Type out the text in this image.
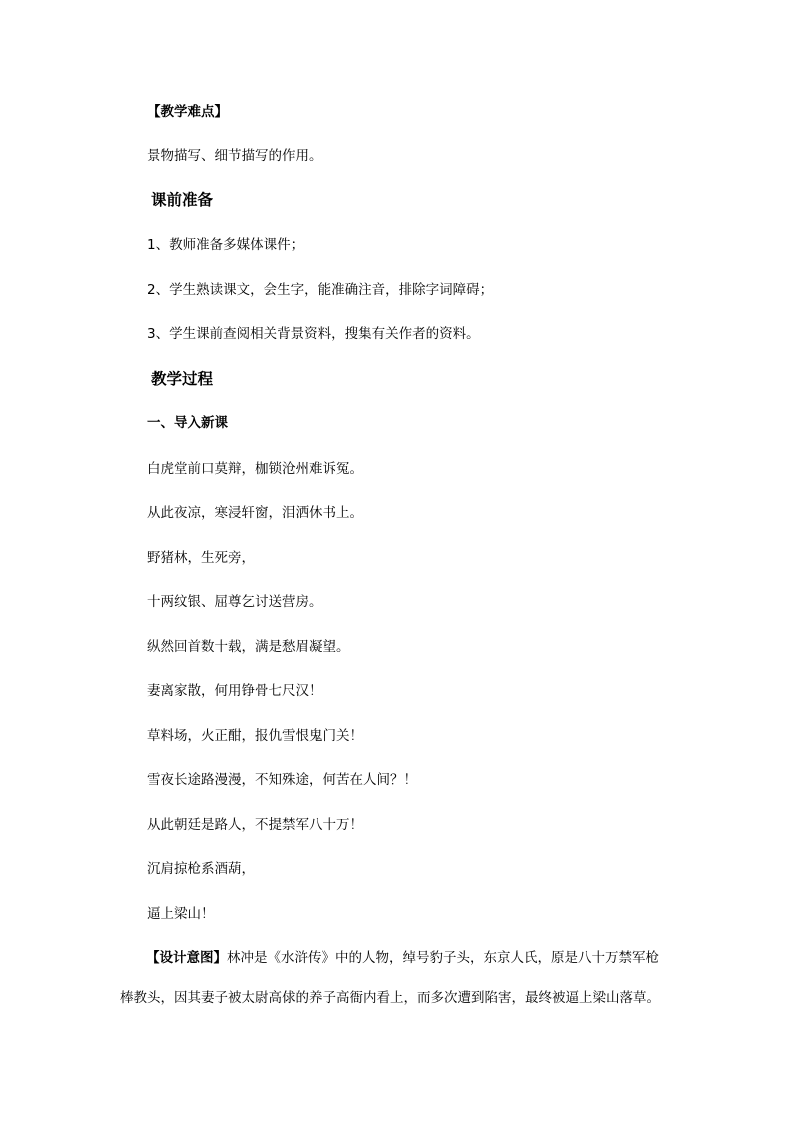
【教学难点】
景物描写、细节描写的作用。
课前准备
1、教师准备多媒体课件；
2、学生熟读课文，会生字，能准确注音，排除字词障碍；
3、学生课前查阅相关背景资料，搜集有关作者的资料。
教学过程
一、导入新课
白虎堂前口莫辩，枷锁沧州难诉冤。
从此夜凉，寒浸轩窗，泪洒休书上。
野猪林，生死旁，
十两纹银、屈尊乞讨送营房。
纵然回首数十载，满是愁眉凝望。
妻离家散，何用铮骨七尺汉！
草料场，火正酣，报仇雪恨鬼门关！
雪夜长途路漫漫，不知殊途，何苦在人间？！
从此朝廷是路人，不提禁军八十万！
沉肩掠枪系酒葫，
逼上梁山！
【设计意图】林冲是《水浒传》中的人物，绰号豹子头，东京人氏，原是八十万禁军枪
棒教头，因其妻子被太尉高俅的养子高衙内看上，而多次遭到陷害，最终被逼上梁山落草。
